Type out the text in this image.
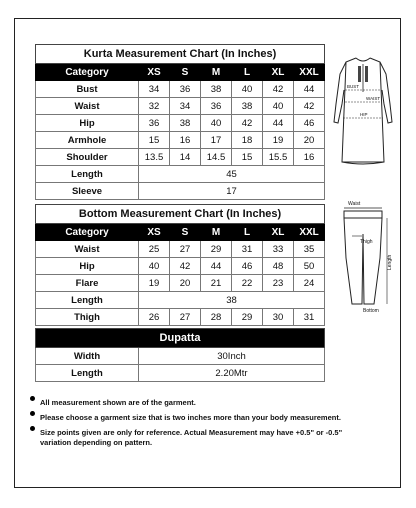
Kurta Measurement Chart (In Inches)						
Category	XS	S	M	L	XL	XXL
Bust	34	36	38	40	42	44
Waist	32	34	36	38	40	42
Hip	36	38	40	42	44	46
Armhole	15	16	17	18	19	20
Shoulder	13.5	14	14.5	15	15.5	16
Length	45					
Sleeve	17					
Bottom Measurement Chart (In Inches)						
Category	XS	S	M	L	XL	XXL
Waist	25	27	29	31	33	35
Hip	40	42	44	46	48	50
Flare	19	20	21	22	23	24
Length	38					
Thigh	26	27	28	29	30	31
Dupatta	
Width	30Inch
Length	2.20Mtr
BUST
WAIST
HIP
Waist
Thigh
Length
Bottom
All measurement shown are of the garment.
Please choose a garment size that is two inches more than your body measurement.
Size points given are only for reference. Actual Measurement may have +0.5" or -0.5" variation depending on pattern.
